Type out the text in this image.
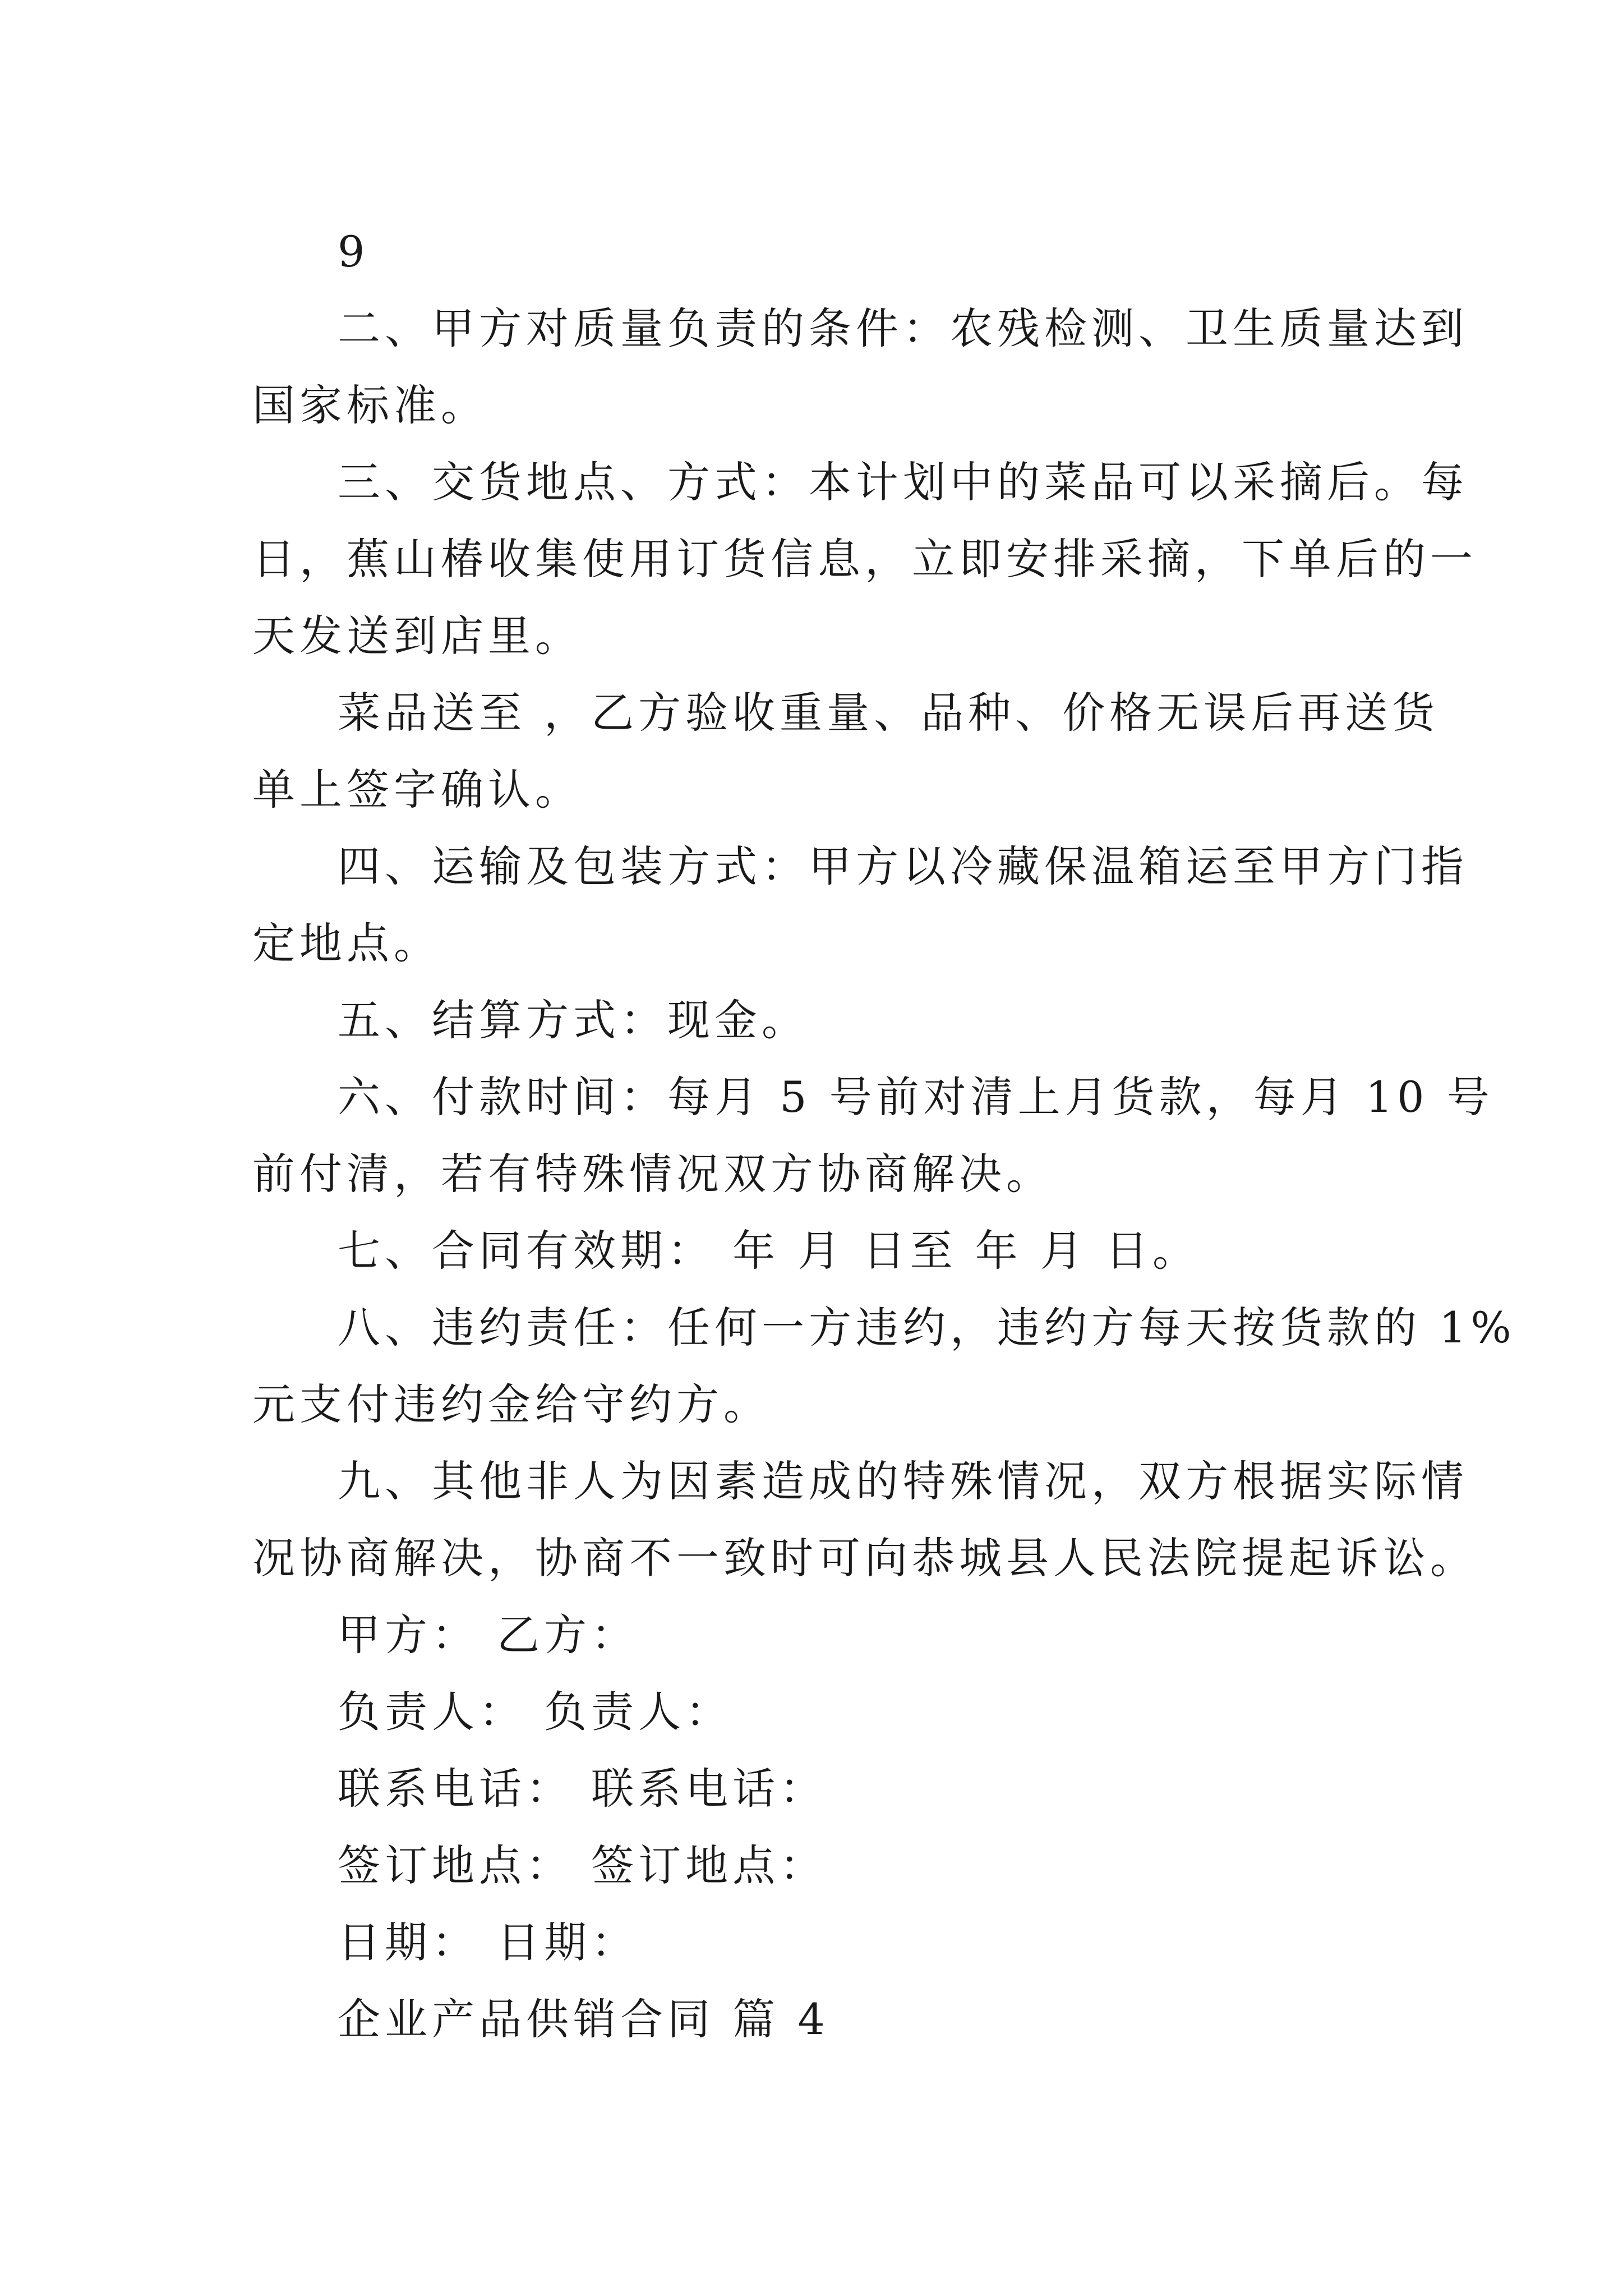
9
二、甲方对质量负责的条件：农残检测、卫生质量达到
国家标准。
三、交货地点、方式：本计划中的菜品可以采摘后。每
日，蕉山椿收集使用订货信息，立即安排采摘，下单后的一
天发送到店里。
菜品送至 ，乙方验收重量、品种、价格无误后再送货
单上签字确认。
四、运输及包装方式：甲方以冷藏保温箱运至甲方门指
定地点。
五、结算方式：现金。
六、付款时间：每月 5 号前对清上月货款，每月 10 号
前付清，若有特殊情况双方协商解决。
七、合同有效期： 年 月 日至 年 月 日。
八、违约责任：任何一方违约，违约方每天按货款的 1%
元支付违约金给守约方。
九、其他非人为因素造成的特殊情况，双方根据实际情
况协商解决，协商不一致时可向恭城县人民法院提起诉讼。
甲方： 乙方：
负责人： 负责人：
联系电话： 联系电话：
签订地点： 签订地点：
日期： 日期：
企业产品供销合同 篇 4
